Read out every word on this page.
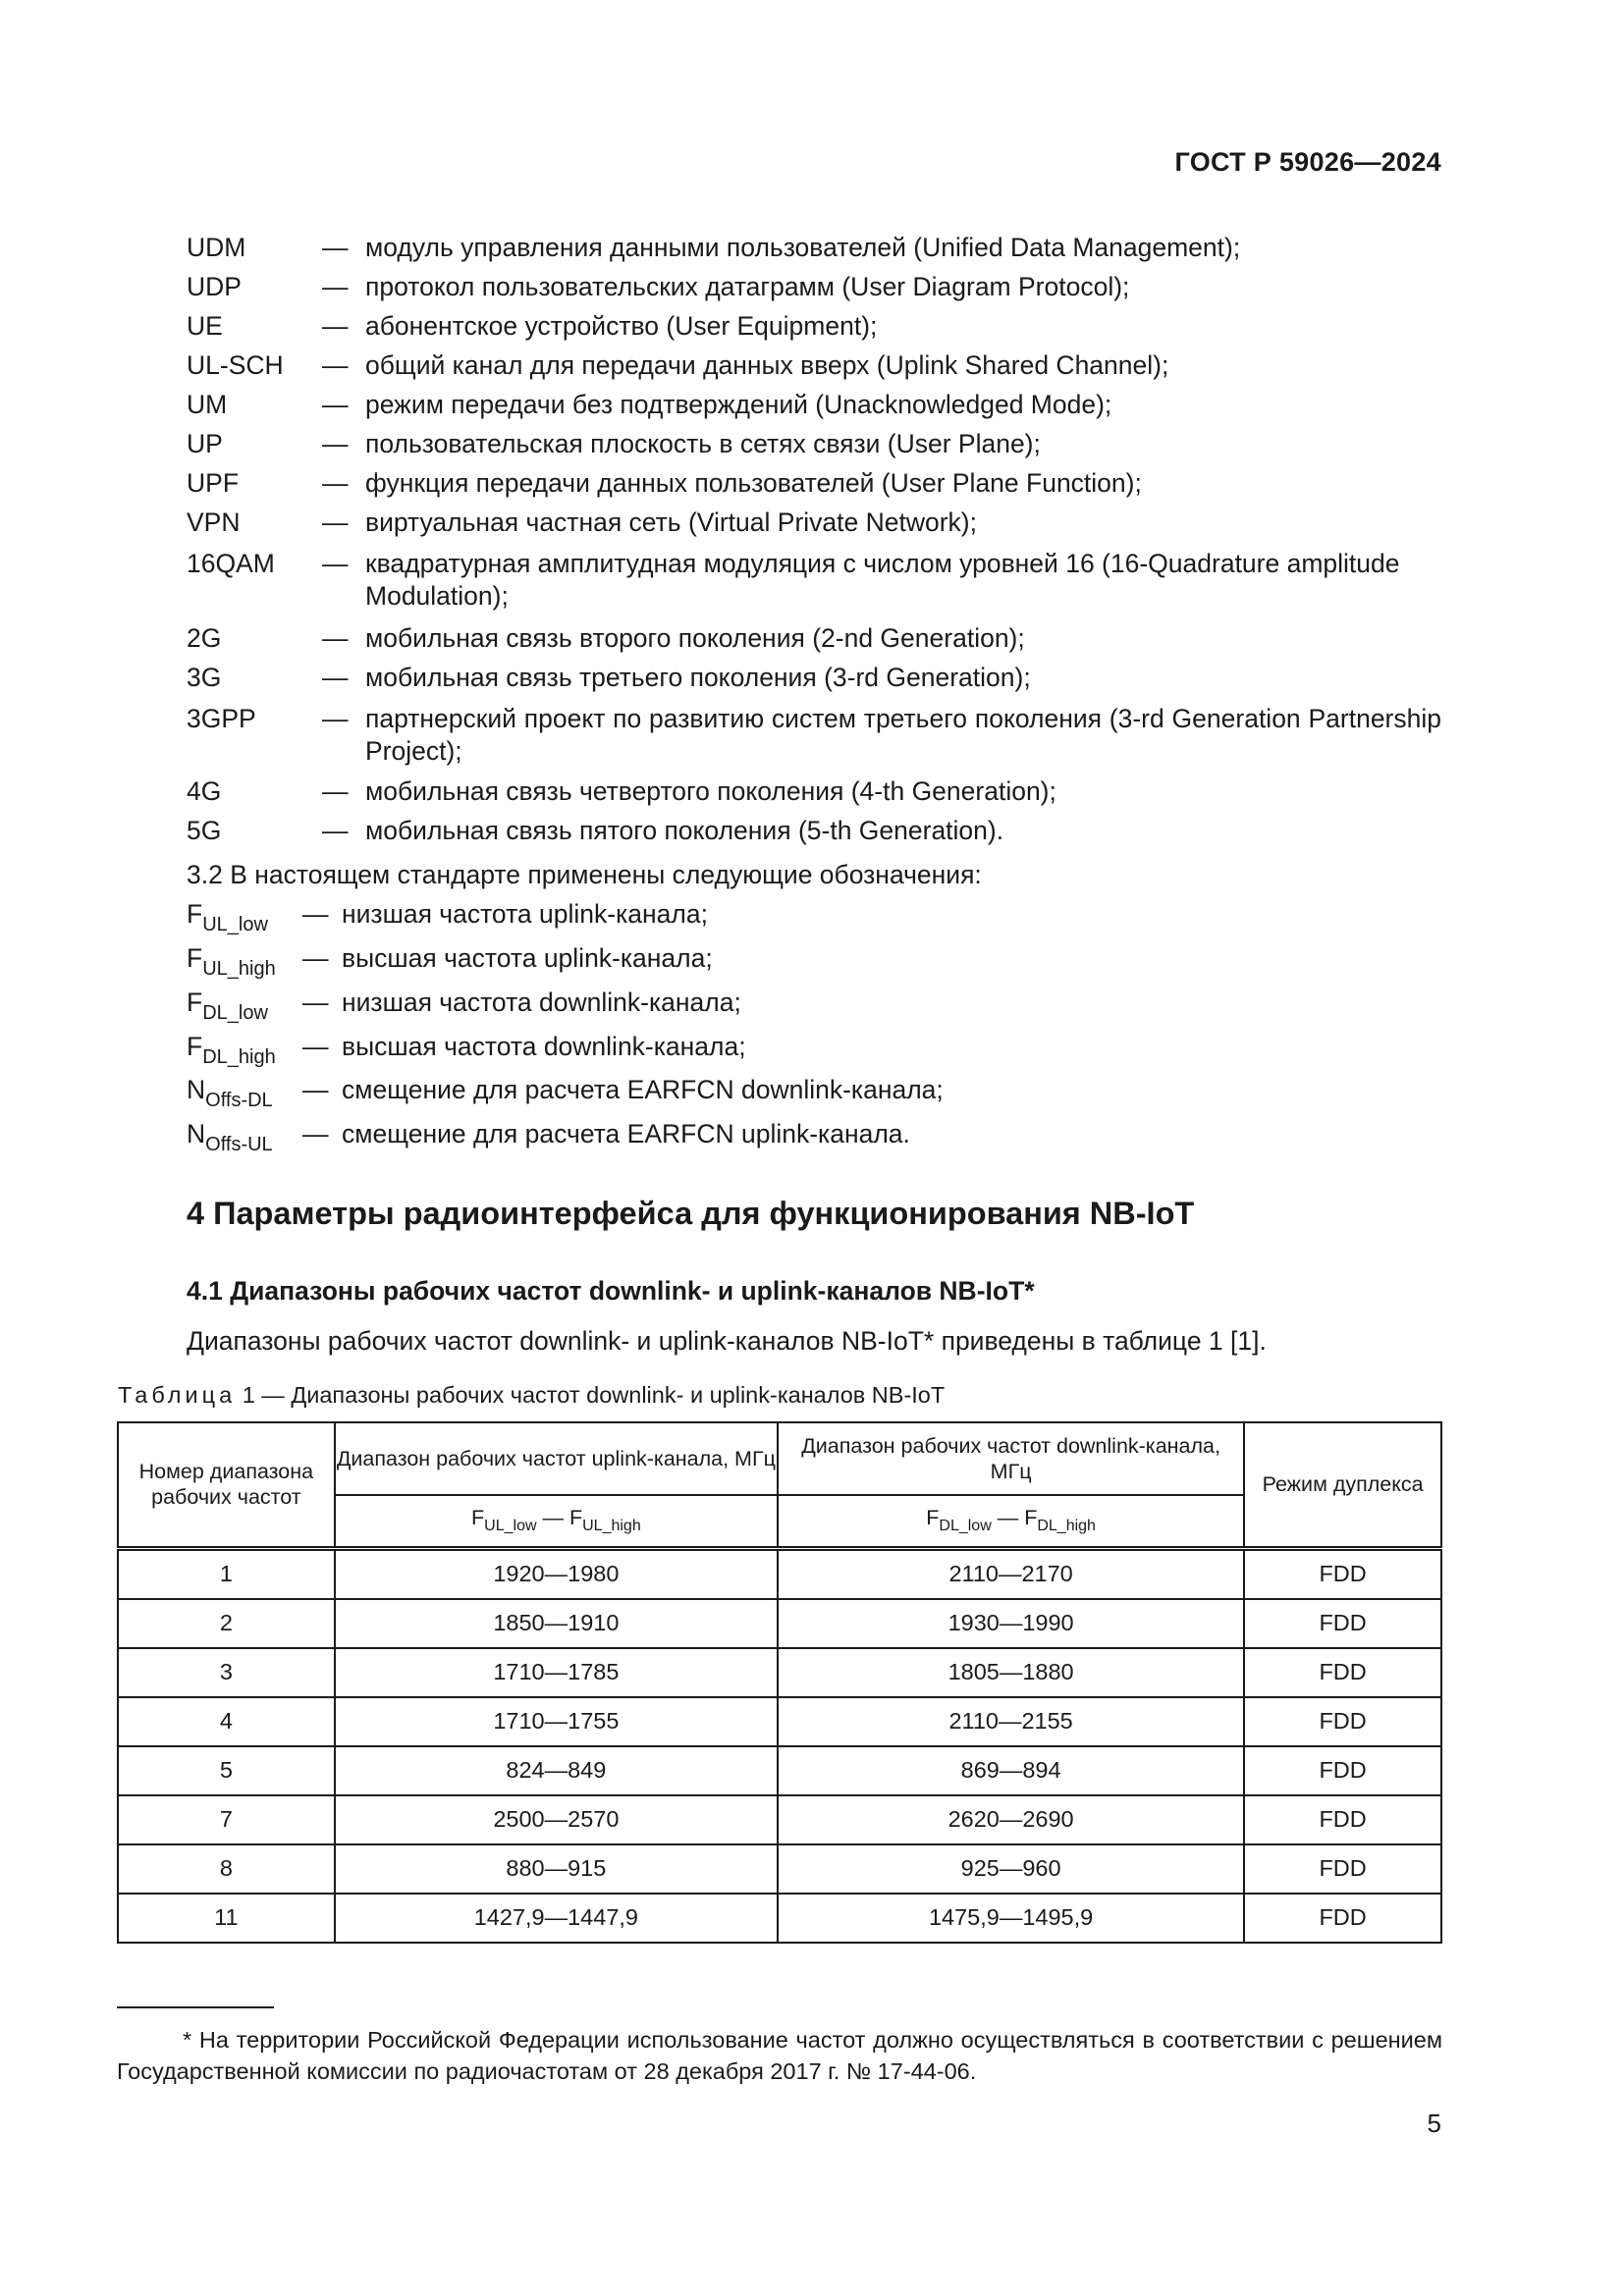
ГОСТ Р 59026—2024
UDM	— модуль управления данными пользователей (Unified Data Management);
UDP	— протокол пользовательских датаграмм (User Diagram Protocol);
UE	— абонентское устройство (User Equipment);
UL-SCH	— общий канал для передачи данных вверх (Uplink Shared Channel);
UM	— режим передачи без подтверждений (Unacknowledged Mode);
UP	— пользовательская плоскость в сетях связи (User Plane);
UPF	— функция передачи данных пользователей (User Plane Function);
VPN	— виртуальная частная сеть (Virtual Private Network);
16QAM	— квадратурная амплитудная модуляция с числом уровней 16 (16-Quadrature amplitude Modulation);
2G	— мобильная связь второго поколения (2-nd Generation);
3G	— мобильная связь третьего поколения (3-rd Generation);
3GPP	— партнерский проект по развитию систем третьего поколения (3-rd Generation Partnership Project);
4G	— мобильная связь четвертого поколения (4-th Generation);
5G	— мобильная связь пятого поколения (5-th Generation).
3.2 В настоящем стандарте применены следующие обозначения:
$F_{UL\_low}$	— низшая частота uplink-канала;
$F_{UL\_high}$	— высшая частота uplink-канала;
$F_{DL\_low}$	— низшая частота downlink-канала;
$F_{DL\_high}$	— высшая частота downlink-канала;
$N_{Offs-DL}$	— смещение для расчета EARFCN downlink-канала;
$N_{Offs-UL}$	— смещение для расчета EARFCN uplink-канала.
4 Параметры радиоинтерфейса для функционирования NB-IoT
4.1 Диапазоны рабочих частот downlink- и uplink-каналов NB-IoT*
Диапазоны рабочих частот downlink- и uplink-каналов NB-IoT* приведены в таблице 1 [1].
Таблица 1 — Диапазоны рабочих частот downlink- и uplink-каналов NB-IoT
Номер диапазона рабочих частот	Диапазон рабочих частот uplink-канала, МГц	Диапазон рабочих частот downlink-канала, МГц	Режим дуплекса
	$F_{UL\_low}$ — $F_{UL\_high}$	$F_{DL\_low}$ — $F_{DL\_high}$
1	1920—1980	2110—2170	FDD
2	1850—1910	1930—1990	FDD
3	1710—1785	1805—1880	FDD
4	1710—1755	2110—2155	FDD
5	824—849	869—894	FDD
7	2500—2570	2620—2690	FDD
8	880—915	925—960	FDD
11	1427,9—1447,9	1475,9—1495,9	FDD
* На территории Российской Федерации использование частот должно осуществляться в соответствии с решением Государственной комиссии по радиочастотам от 28 декабря 2017 г. № 17-44-06.
5
